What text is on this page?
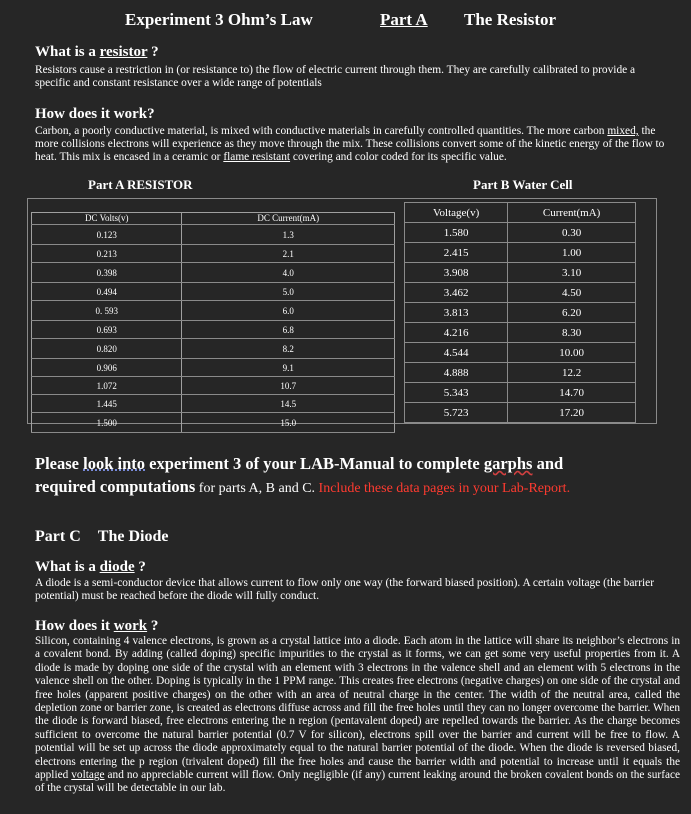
Experiment 3 Ohm’s Law	Part A The Resistor
What is a resistor ?
Resistors cause a restriction in (or resistance to) the flow of electric current through them. They are carefully calibrated to provide a specific and constant resistance over a wide range of potentials
How does it work?
Carbon, a poorly conductive material, is mixed with conductive materials in carefully controlled quantities. The more carbon mixed, the more collisions electrons will experience as they move through the mix. These collisions convert some of the kinetic energy of the flow to heat. This mix is encased in a ceramic or flame resistant covering and color coded for its specific value.
Part A RESISTOR	Part B Water Cell
DC Volts(v)	DC Current(mA)
0.123	1.3
0.213	2.1
0.398	4.0
0.494	5.0
0. 593	6.0
0.693	6.8
0.820	8.2
0.906	9.1
1.072	10.7
1.445	14.5
1.500	15.0
Voltage(v)	Current(mA)
1.580	0.30
2.415	1.00
3.908	3.10
3.462	4.50
3.813	6.20
4.216	8.30
4.544	10.00
4.888	12.2
5.343	14.70
5.723	17.20
Please look into experiment 3 of your LAB-Manual to complete garphs and
required computations for parts A, B and C. Include these data pages in your Lab-Report.
Part C The Diode
What is a diode ?
A diode is a semi-conductor device that allows current to flow only one way (the forward biased position). A certain voltage (the barrier potential) must be reached before the diode will fully conduct.
How does it work ?
Silicon, containing 4 valence electrons, is grown as a crystal lattice into a diode. Each atom in the lattice will share its neighbor’s electrons in a covalent bond. By adding (called doping) specific impurities to the crystal as it forms, we can get some very useful properties from it. A diode is made by doping one side of the crystal with an element with 3 electrons in the valence shell and an element with 5 electrons in the valence shell on the other. Doping is typically in the 1 PPM range. This creates free electrons (negative charges) on one side of the crystal and free holes (apparent positive charges) on the other with an area of neutral charge in the center. The width of the neutral area, called the depletion zone or barrier zone, is created as electrons diffuse across and fill the free holes until they can no longer overcome the barrier. When the diode is forward biased, free electrons entering the n region (pentavalent doped) are repelled towards the barrier. As the charge becomes sufficient to overcome the natural barrier potential (0.7 V for silicon), electrons spill over the barrier and current will be free to flow. A potential will be set up across the diode approximately equal to the natural barrier potential of the diode. When the diode is reversed biased, electrons entering the p region (trivalent doped) fill the free holes and cause the barrier width and potential to increase until it equals the applied voltage and no appreciable current will flow. Only negligible (if any) current leaking around the broken covalent bonds on the surface of the crystal will be detectable in our lab.
